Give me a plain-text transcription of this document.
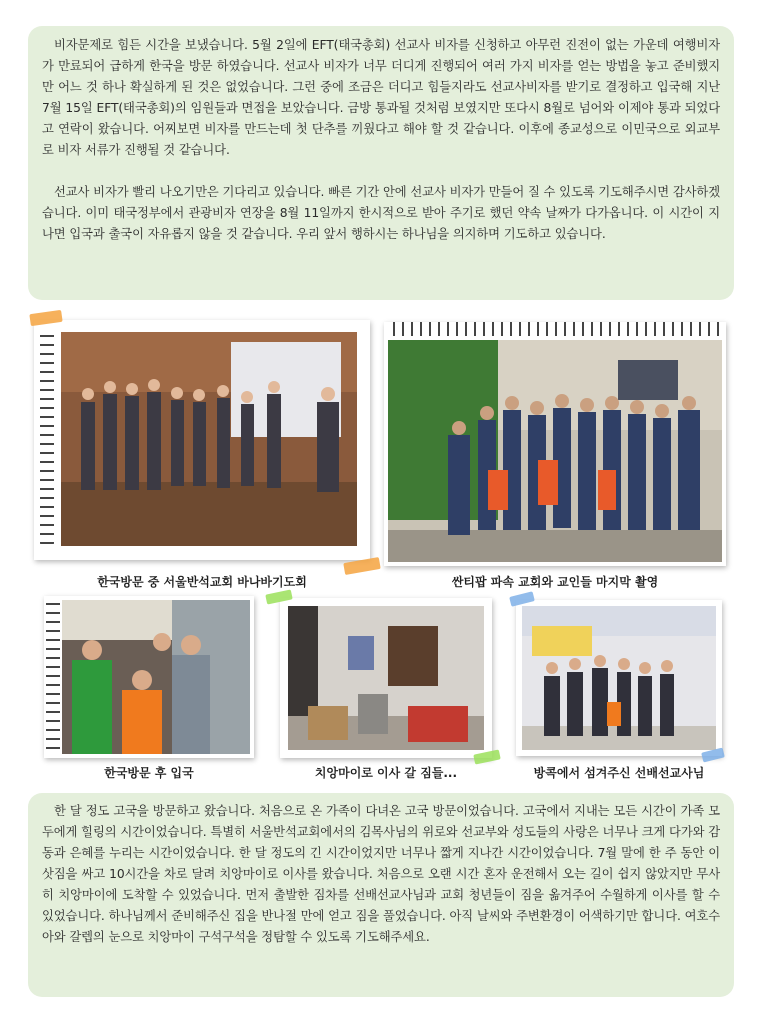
비자문제로 힘든 시간을 보냈습니다. 5월 2일에 EFT(태국총회) 선교사 비자를 신청하고 아무런 진전이 없는 가운데 여행비자가 만료되어 급하게 한국을 방문 하였습니다. 선교사 비자가 너무 더디게 진행되어 여러 가지 비자를 얻는 방법을 놓고 준비했지만 어느 것 하나 확실하게 된 것은 없었습니다. 그런 중에 조금은 더디고 힘들지라도 선교사비자를 받기로 결정하고 입국해 지난 7월 15일 EFT(태국총회)의 임원들과 면접을 보았습니다. 금방 통과될 것처럼 보였지만 또다시 8월로 넘어와 이제야 통과 되었다고 연락이 왔습니다. 어찌보면 비자를 만드는데 첫 단추를 끼웠다고 해야 할 것 같습니다. 이후에 종교성으로 이민국으로 외교부로 비자 서류가 진행될 것 같습니다.

선교사 비자가 빨리 나오기만은 기다리고 있습니다. 빠른 기간 안에 선교사 비자가 만들어 질 수 있도록 기도해주시면 감사하겠습니다. 이미 태국정부에서 관광비자 연장을 8월 11일까지 한시적으로 받아 주기로 했던 약속 날짜가 다가옵니다. 이 시간이 지나면 입국과 출국이 자유롭지 않을 것 같습니다. 우리 앞서 행하시는 하나님을 의지하며 기도하고 있습니다.

한국방문 중 서울반석교회 바나바기도회	싼티팝 파속 교회와 교인들 마지막 촬영
한국방문 후 입국	치앙마이로 이사 갈 짐들...	방콕에서 섬겨주신 선배선교사님

한 달 정도 고국을 방문하고 왔습니다. 처음으로 온 가족이 다녀온 고국 방문이었습니다. 고국에서 지내는 모든 시간이 가족 모두에게 힐링의 시간이었습니다. 특별히 서울반석교회에서의 김목사님의 위로와 선교부와 성도들의 사랑은 너무나 크게 다가와 감동과 은혜를 누리는 시간이었습니다. 한 달 정도의 긴 시간이었지만 너무나 짧게 지나간 시간이었습니다. 7월 말에 한 주 동안 이삿짐을 싸고 10시간을 차로 달려 치앙마이로 이사를 왔습니다. 처음으로 오랜 시간 혼자 운전해서 오는 길이 쉽지 않았지만 무사히 치앙마이에 도착할 수 있었습니다. 먼저 출발한 짐차를 선배선교사님과 교회 청년들이 짐을 옮겨주어 수월하게 이사를 할 수 있었습니다. 하나님께서 준비해주신 집을 반나절 만에 얻고 짐을 풀었습니다. 아직 날씨와 주변환경이 어색하기만 합니다. 여호수아와 갈렙의 눈으로 치앙마이 구석구석을 정탐할 수 있도록 기도해주세요.
